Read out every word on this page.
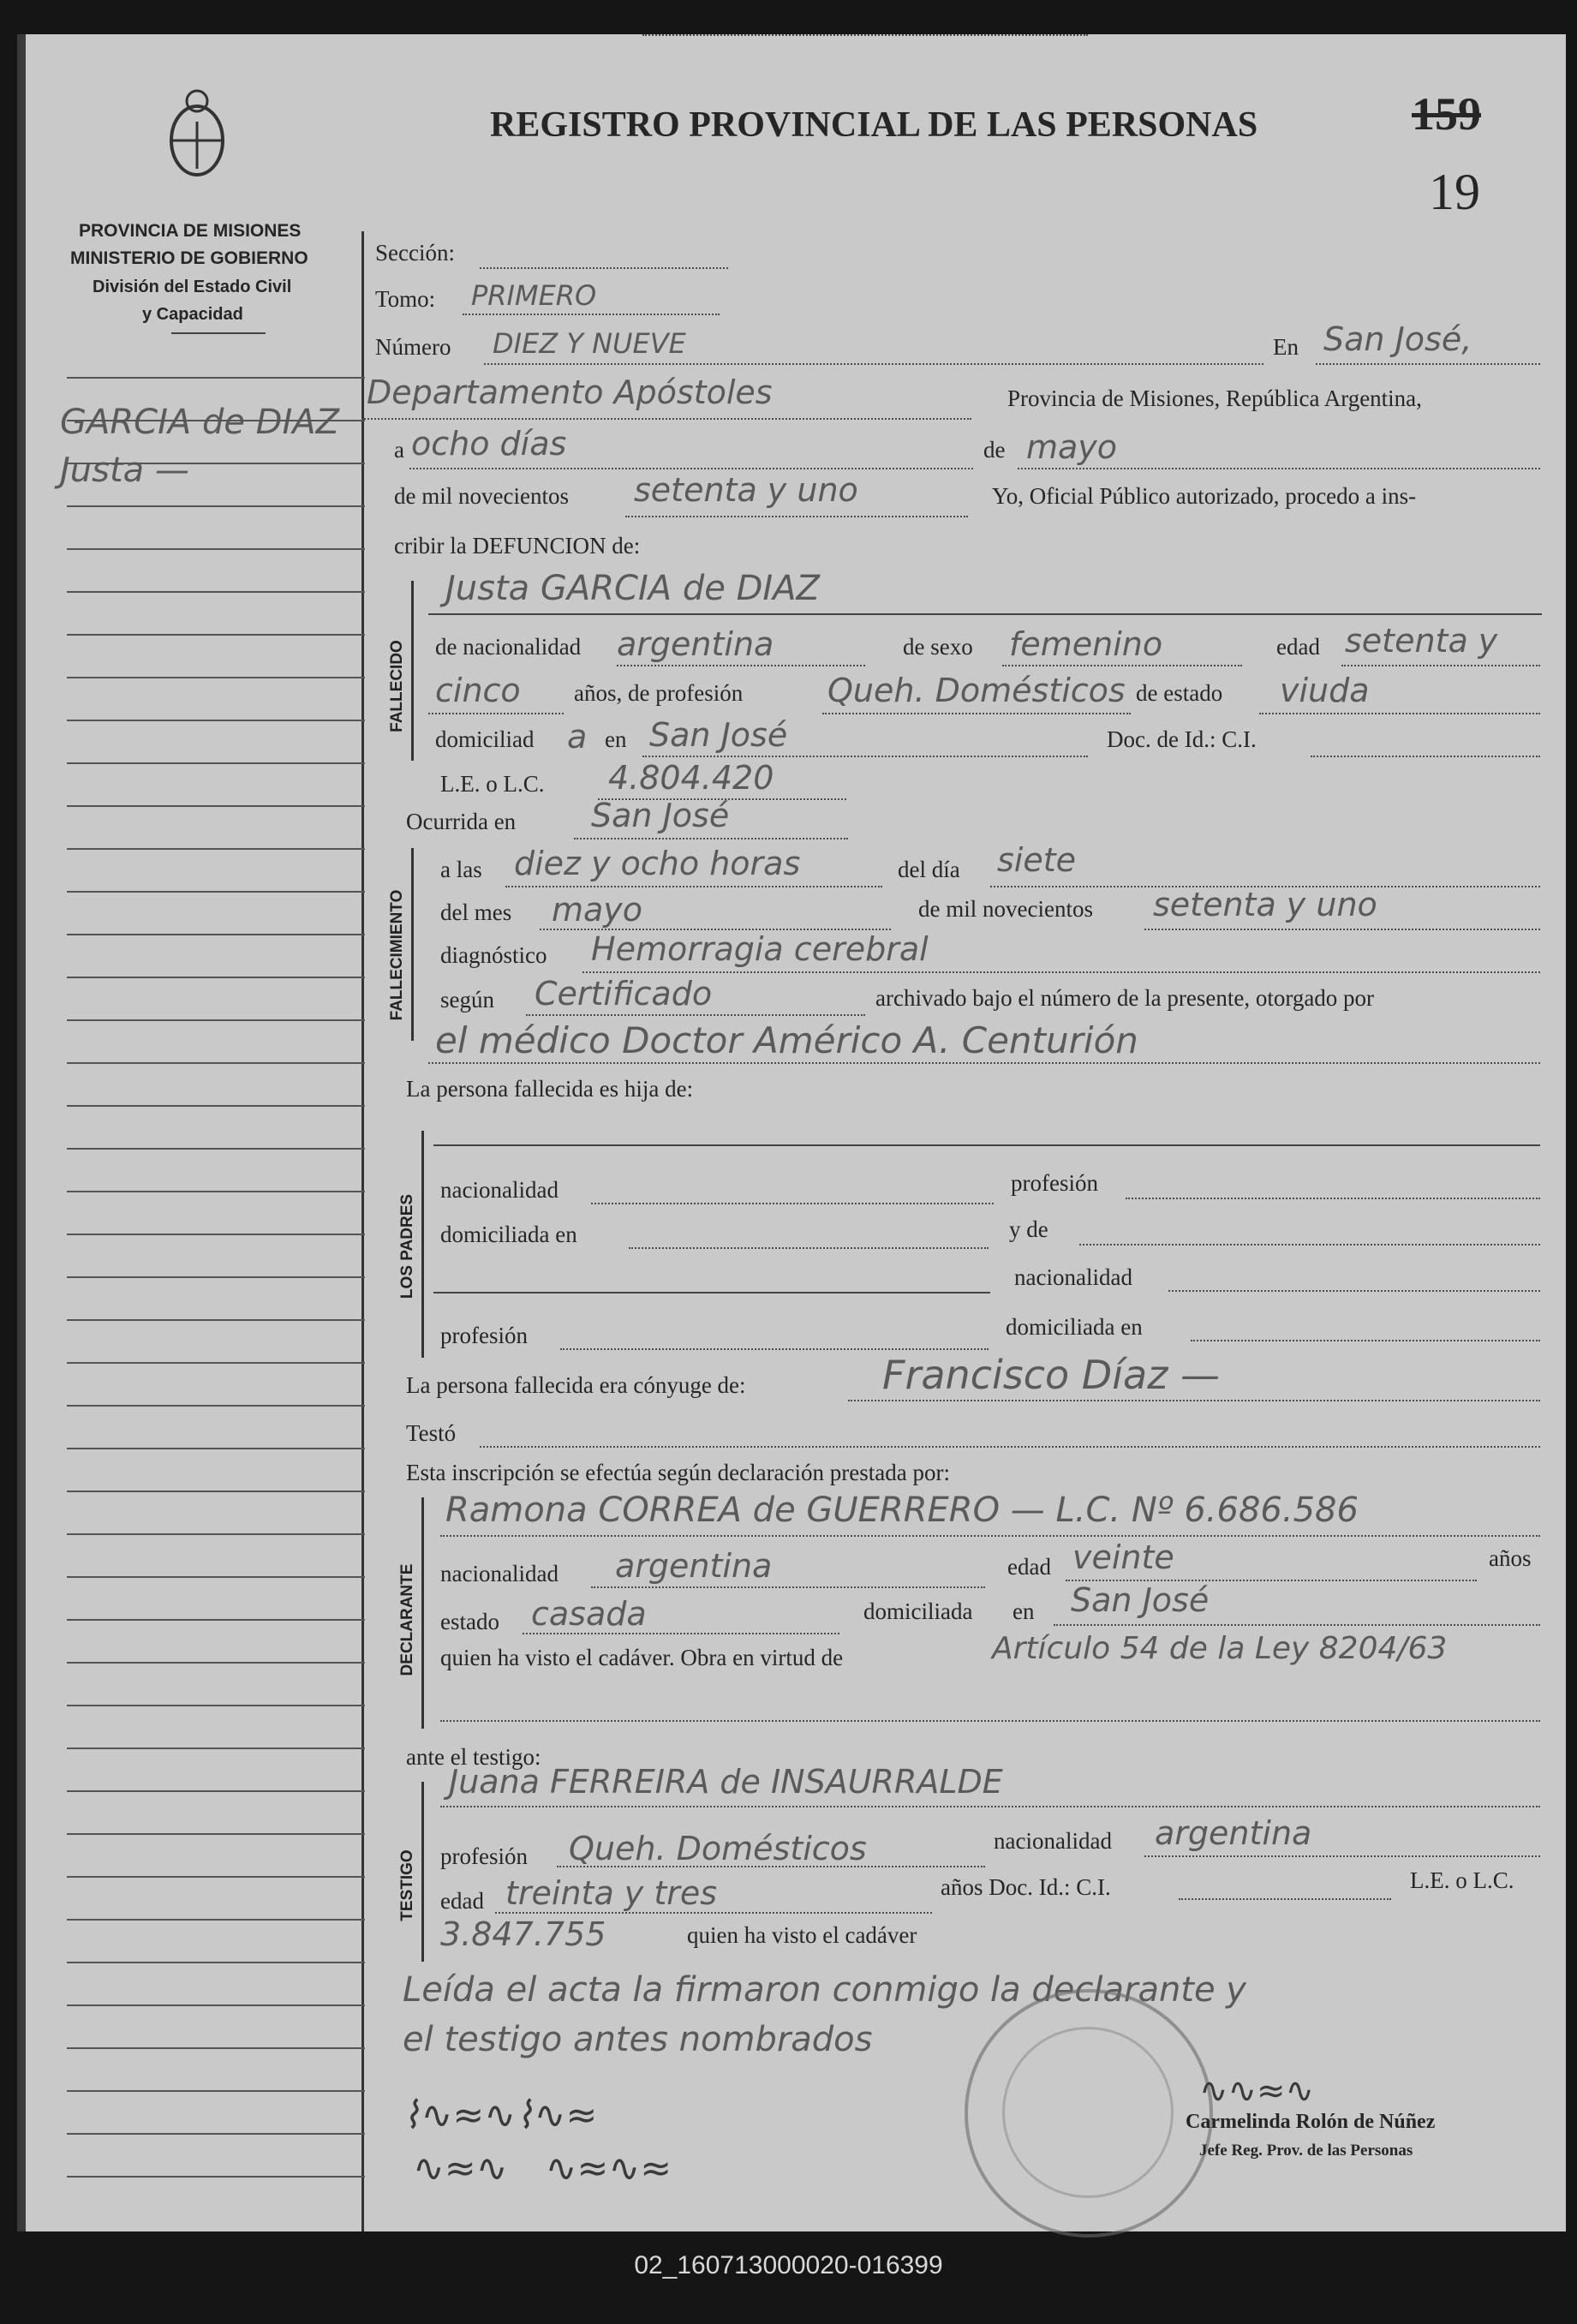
PROVINCIA DE MISIONES
MINISTERIO DE GOBIERNO
División del Estado Civil
y Capacidad
REGISTRO PROVINCIAL DE LAS PERSONAS	159
19
GARCIA de DIAZ
Justa —
Sección:
Tomo: PRIMERO
Número DIEZ Y NUEVE	En San José,
Departamento Apóstoles	Provincia de Misiones, República Argentina,
a ocho días	de mayo
de mil novecientos setenta y uno	Yo, Oficial Público autorizado, procedo a ins-
cribir la DEFUNCION de:
FALLECIDO
Justa GARCIA de DIAZ
de nacionalidad argentina	de sexo femenino	edad setenta y
cinco años, de profesión	Queh. Domésticos de estado viuda
domiciliad a en San José	Doc. de Id.: C.I.
L.E. o L.C. 4.804.420
Ocurrida en San José
FALLECIMIENTO
a las diez y ocho horas	del día siete
del mes mayo	de mil novecientos setenta y uno
diagnóstico Hemorragia cerebral
según Certificado	archivado bajo el número de la presente, otorgado por
el médico Doctor Américo A. Centurión
La persona fallecida es hija de:
LOS PADRES
nacionalidad	profesión
domiciliada en	y de
nacionalidad
profesión	domiciliada en
La persona fallecida era cónyuge de:	Francisco Díaz —
Testó
Esta inscripción se efectúa según declaración prestada por:
DECLARANTE
Ramona CORREA de GUERRERO — L.C. Nº 6.686.586
nacionalidad argentina	edad veinte	años
estado casada	domiciliada en San José
quien ha visto el cadáver. Obra en virtud de	Artículo 54 de la Ley 8204/63
ante el testigo:
TESTIGO
Juana FERREIRA de INSAURRALDE
profesión Queh. Domésticos	nacionalidad argentina
edad treinta y tres	años Doc. Id.: C.I.	L.E. o L.C.
3.847.755	quien ha visto el cadáver
Leída el acta la firmaron conmigo la declarante y
el testigo antes nombrados
Carmelinda Rolón de Núñez
Jefe Reg. Prov. de las Personas
∿∿≈∿
⌇∿≈∿⌇∿≈
∿≈∿ ∿≈∿≈
02_160713000020-016399
